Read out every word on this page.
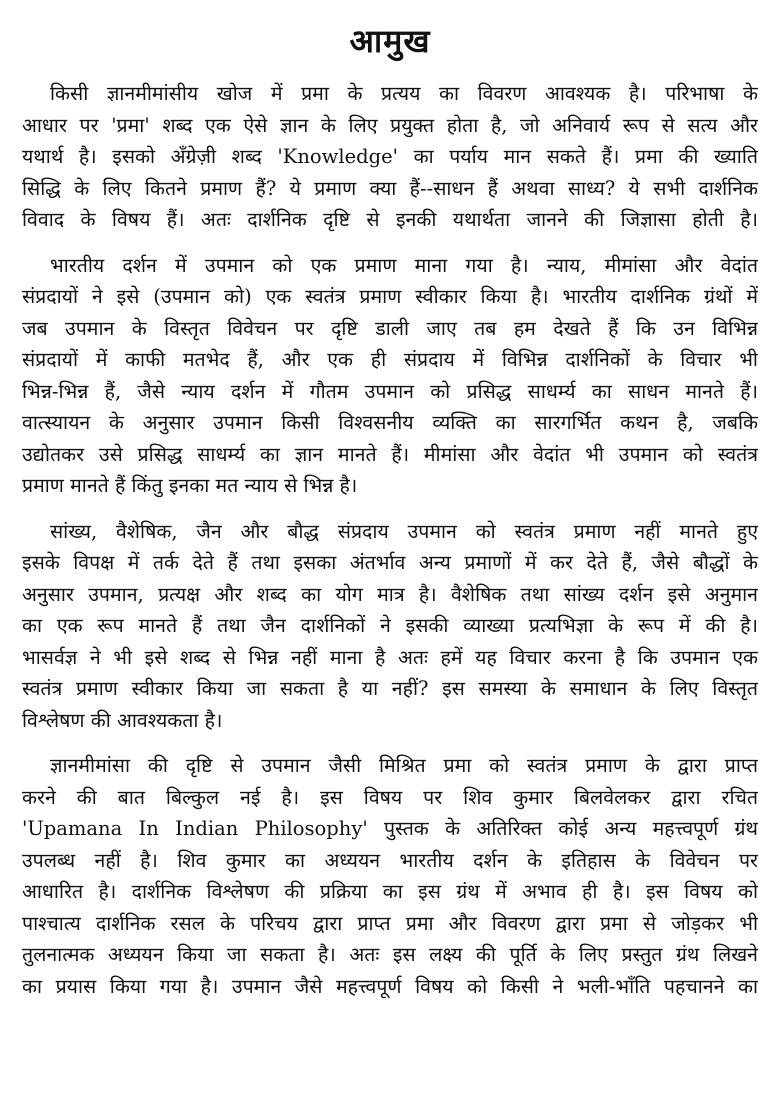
आमुख
किसी ज्ञानमीमांसीय खोज में प्रमा के प्रत्यय का विवरण आवश्यक है। परिभाषा के
आधार पर 'प्रमा' शब्द एक ऐसे ज्ञान के लिए प्रयुक्त होता है, जो अनिवार्य रूप से सत्य और
यथार्थ है। इसको अँग्रेज़ी शब्द 'Knowledge' का पर्याय मान सकते हैं। प्रमा की ख्याति
सिद्धि के लिए कितने प्रमाण हैं? ये प्रमाण क्या हैं--साधन हैं अथवा साध्य? ये सभी दार्शनिक
विवाद के विषय हैं। अतः दार्शनिक दृष्टि से इनकी यथार्थता जानने की जिज्ञासा होती है।
भारतीय दर्शन में उपमान को एक प्रमाण माना गया है। न्याय, मीमांसा और वेदांत
संप्रदायों ने इसे (उपमान को) एक स्वतंत्र प्रमाण स्वीकार किया है। भारतीय दार्शनिक ग्रंथों में
जब उपमान के विस्तृत विवेचन पर दृष्टि डाली जाए तब हम देखते हैं कि उन विभिन्न
संप्रदायों में काफी मतभेद हैं, और एक ही संप्रदाय में विभिन्न दार्शनिकों के विचार भी
भिन्न-भिन्न हैं, जैसे न्याय दर्शन में गौतम उपमान को प्रसिद्ध साधर्म्य का साधन मानते हैं।
वात्स्यायन के अनुसार उपमान किसी विश्वसनीय व्यक्ति का सारगर्भित कथन है, जबकि
उद्योतकर उसे प्रसिद्ध साधर्म्य का ज्ञान मानते हैं। मीमांसा और वेदांत भी उपमान को स्वतंत्र
प्रमाण मानते हैं किंतु इनका मत न्याय से भिन्न है।
सांख्य, वैशेषिक, जैन और बौद्ध संप्रदाय उपमान को स्वतंत्र प्रमाण नहीं मानते हुए
इसके विपक्ष में तर्क देते हैं तथा इसका अंतर्भाव अन्य प्रमाणों में कर देते हैं, जैसे बौद्धों के
अनुसार उपमान, प्रत्यक्ष और शब्द का योग मात्र है। वैशेषिक तथा सांख्य दर्शन इसे अनुमान
का एक रूप मानते हैं तथा जैन दार्शनिकों ने इसकी व्याख्या प्रत्यभिज्ञा के रूप में की है।
भासर्वज्ञ ने भी इसे शब्द से भिन्न नहीं माना है अतः हमें यह विचार करना है कि उपमान एक
स्वतंत्र प्रमाण स्वीकार किया जा सकता है या नहीं? इस समस्या के समाधान के लिए विस्तृत
विश्लेषण की आवश्यकता है।
ज्ञानमीमांसा की दृष्टि से उपमान जैसी मिश्रित प्रमा को स्वतंत्र प्रमाण के द्वारा प्राप्त
करने की बात बिल्कुल नई है। इस विषय पर शिव कुमार बिलवेलकर द्वारा रचित
'Upamana In Indian Philosophy' पुस्तक के अतिरिक्त कोई अन्य महत्त्वपूर्ण ग्रंथ
उपलब्ध नहीं है। शिव कुमार का अध्ययन भारतीय दर्शन के इतिहास के विवेचन पर
आधारित है। दार्शनिक विश्लेषण की प्रक्रिया का इस ग्रंथ में अभाव ही है। इस विषय को
पाश्चात्य दार्शनिक रसल के परिचय द्वारा प्राप्त प्रमा और विवरण द्वारा प्रमा से जोड़कर भी
तुलनात्मक अध्ययन किया जा सकता है। अतः इस लक्ष्य की पूर्ति के लिए प्रस्तुत ग्रंथ लिखने
का प्रयास किया गया है। उपमान जैसे महत्त्वपूर्ण विषय को किसी ने भली-भाँति पहचानने का
